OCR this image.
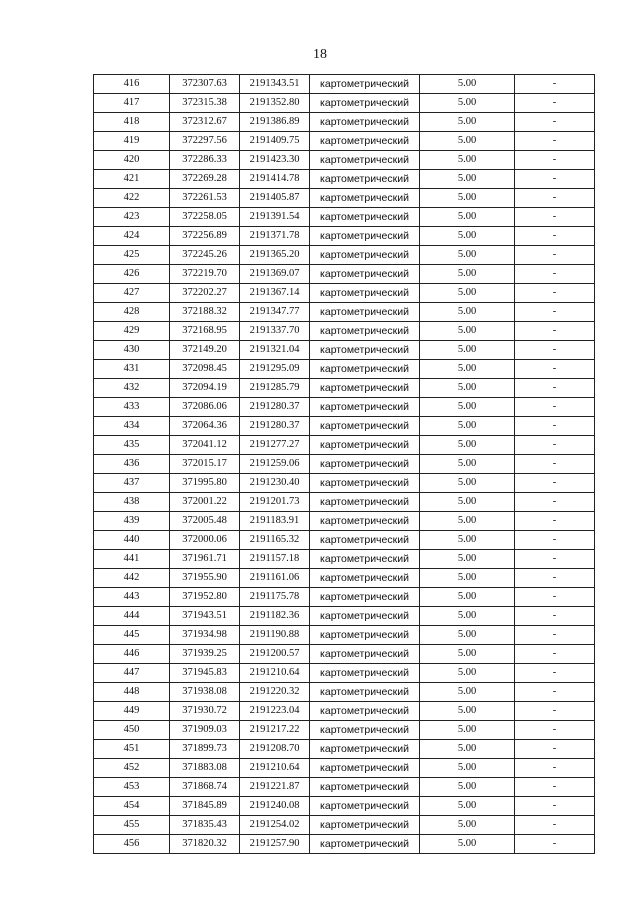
18
416	372307.63	2191343.51	картометрический	5.00	-
417	372315.38	2191352.80	картометрический	5.00	-
418	372312.67	2191386.89	картометрический	5.00	-
419	372297.56	2191409.75	картометрический	5.00	-
420	372286.33	2191423.30	картометрический	5.00	-
421	372269.28	2191414.78	картометрический	5.00	-
422	372261.53	2191405.87	картометрический	5.00	-
423	372258.05	2191391.54	картометрический	5.00	-
424	372256.89	2191371.78	картометрический	5.00	-
425	372245.26	2191365.20	картометрический	5.00	-
426	372219.70	2191369.07	картометрический	5.00	-
427	372202.27	2191367.14	картометрический	5.00	-
428	372188.32	2191347.77	картометрический	5.00	-
429	372168.95	2191337.70	картометрический	5.00	-
430	372149.20	2191321.04	картометрический	5.00	-
431	372098.45	2191295.09	картометрический	5.00	-
432	372094.19	2191285.79	картометрический	5.00	-
433	372086.06	2191280.37	картометрический	5.00	-
434	372064.36	2191280.37	картометрический	5.00	-
435	372041.12	2191277.27	картометрический	5.00	-
436	372015.17	2191259.06	картометрический	5.00	-
437	371995.80	2191230.40	картометрический	5.00	-
438	372001.22	2191201.73	картометрический	5.00	-
439	372005.48	2191183.91	картометрический	5.00	-
440	372000.06	2191165.32	картометрический	5.00	-
441	371961.71	2191157.18	картометрический	5.00	-
442	371955.90	2191161.06	картометрический	5.00	-
443	371952.80	2191175.78	картометрический	5.00	-
444	371943.51	2191182.36	картометрический	5.00	-
445	371934.98	2191190.88	картометрический	5.00	-
446	371939.25	2191200.57	картометрический	5.00	-
447	371945.83	2191210.64	картометрический	5.00	-
448	371938.08	2191220.32	картометрический	5.00	-
449	371930.72	2191223.04	картометрический	5.00	-
450	371909.03	2191217.22	картометрический	5.00	-
451	371899.73	2191208.70	картометрический	5.00	-
452	371883.08	2191210.64	картометрический	5.00	-
453	371868.74	2191221.87	картометрический	5.00	-
454	371845.89	2191240.08	картометрический	5.00	-
455	371835.43	2191254.02	картометрический	5.00	-
456	371820.32	2191257.90	картометрический	5.00	-
